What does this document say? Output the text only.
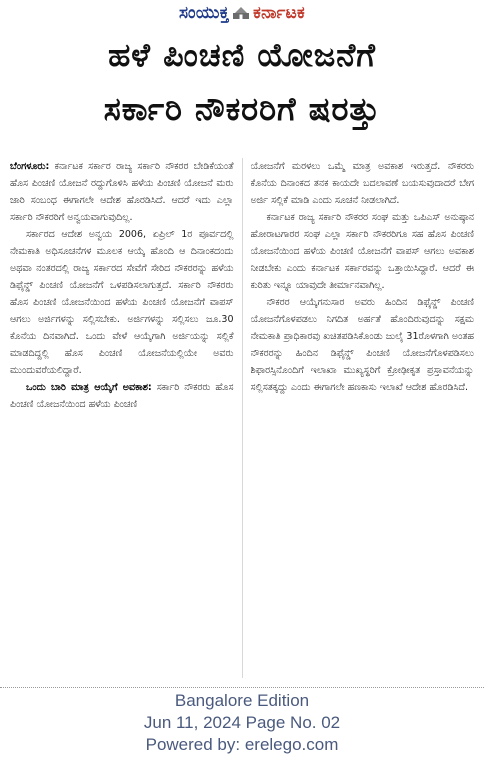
ಸಂಯುಕ್ತ ಕರ್ನಾಟಕ
ಹಳೆ ಪಿಂಚಣಿ ಯೋಜನೆಗೆ
ಸರ್ಕಾರಿ ನೌಕರರಿಗೆ ಷರತ್ತು

ಬೆಂಗಳೂರು: ಕರ್ನಾಟಕ ಸರ್ಕಾರ ರಾಜ್ಯ ಸರ್ಕಾರಿ ನೌಕರರ ಬೇಡಿಕೆಯಂತೆ ಹೊಸ ಪಿಂಚಣಿ ಯೋಜನೆ ರದ್ದುಗೊಳಿಸಿ ಹಳೆಯ ಪಿಂಚಣಿ ಯೋಜನೆ ಮರು ಜಾರಿ ಸಂಬಂಧ ಈಗಾಗಲೇ ಆದೇಶ ಹೊರಡಿಸಿದೆ. ಆದರೆ ಇದು ಎಲ್ಲಾ ಸರ್ಕಾರಿ ನೌಕರರಿಗೆ ಅನ್ವಯವಾಗುವುದಿಲ್ಲ.

ಸರ್ಕಾರದ ಆದೇಶ ಅನ್ವಯ 2006, ಏಪ್ರಿಲ್ 1ರ ಪೂರ್ವದಲ್ಲಿ ನೇಮಕಾತಿ ಅಧಿಸೂಚನೆಗಳ ಮೂಲಕ ಆಯ್ಕೆ ಹೊಂದಿ ಆ ದಿನಾಂಕದಂದು ಅಥವಾ ನಂತರದಲ್ಲಿ ರಾಜ್ಯ ಸರ್ಕಾರದ ಸೇವೆಗೆ ಸೇರಿದ ನೌಕರರನ್ನು ಹಳೆಯ ಡಿಫೈನ್ಡ್ ಪಿಂಚಣಿ ಯೋಜನೆಗೆ ಒಳಪಡಿಸಲಾಗುತ್ತದೆ. ಸರ್ಕಾರಿ ನೌಕರರು ಹೊಸ ಪಿಂಚಣಿ ಯೋಜನೆಯಿಂದ ಹಳೆಯ ಪಿಂಚಣಿ ಯೋಜನೆಗೆ ವಾಪಸ್ ಆಗಲು ಅರ್ಜಿಗಳನ್ನು ಸಲ್ಲಿಸಬೇಕು. ಅರ್ಜಿಗಳನ್ನು ಸಲ್ಲಿಸಲು ಜೂ.30 ಕೊನೆಯ ದಿನವಾಗಿದೆ. ಒಂದು ವೇಳೆ ಆಯ್ಕೆಗಾಗಿ ಅರ್ಜಿಯನ್ನು ಸಲ್ಲಿಕೆ ಮಾಡದಿದ್ದಲ್ಲಿ ಹೊಸ ಪಿಂಚಣಿ ಯೋಜನೆಯಲ್ಲಿಯೇ ಅವರು ಮುಂದುವರೆಯಲಿದ್ದಾರೆ.

ಒಂದು ಬಾರಿ ಮಾತ್ರ ಆಯ್ಕೆಗೆ ಅವಕಾಶ: ಸರ್ಕಾರಿ ನೌಕರರು ಹೊಸ ಪಿಂಚಣಿ ಯೋಜನೆಯಿಂದ ಹಳೆಯ ಪಿಂಚಣಿ

ಯೋಜನೆಗೆ ಮರಳಲು ಒಮ್ಮೆ ಮಾತ್ರ ಅವಕಾಶ ಇರುತ್ತದೆ. ನೌಕರರು ಕೊನೆಯ ದಿನಾಂಕದ ತನಕ ಕಾಯದೇ ಬದಲಾವಣೆ ಬಯಸುವುದಾದರೆ ಬೇಗ ಅರ್ಜಿ ಸಲ್ಲಿಕೆ ಮಾಡಿ ಎಂದು ಸೂಚನೆ ನೀಡಲಾಗಿದೆ.

ಕರ್ನಾಟಕ ರಾಜ್ಯ ಸರ್ಕಾರಿ ನೌಕರರ ಸಂಘ ಮತ್ತು ಒಪಿಎಸ್ ಅನುಷ್ಠಾನ ಹೋರಾಟಗಾರರ ಸಂಘ ಎಲ್ಲಾ ಸರ್ಕಾರಿ ನೌಕರರಿಗೂ ಸಹ ಹೊಸ ಪಿಂಚಣಿ ಯೋಜನೆಯಿಂದ ಹಳೆಯ ಪಿಂಚಣಿ ಯೋಜನೆಗೆ ವಾಪಸ್ ಆಗಲು ಅವಕಾಶ ನೀಡಬೇಕು ಎಂದು ಕರ್ನಾಟಕ ಸರ್ಕಾರವನ್ನು ಒತ್ತಾಯಿಸಿದ್ದಾರೆ. ಆದರೆ ಈ ಕುರಿತು ಇನ್ನೂ ಯಾವುದೇ ತೀರ್ಮಾನವಾಗಿಲ್ಲ.

ನೌಕರರ ಆಯ್ಕೆಗನುಸಾರ ಅವರು ಹಿಂದಿನ ಡಿಫೈನ್ಡ್ ಪಿಂಚಣಿ ಯೋಜನೆಗೊಳಪಡಲು ನಿಗದಿತ ಅರ್ಹತೆ ಹೊಂದಿರುವುದನ್ನು ಸಕ್ಷಮ ನೇಮಕಾತಿ ಪ್ರಾಧಿಕಾರವು ಖಚಿತಪಡಿಸಿಕೊಂಡು ಜುಲೈ 31ರೊಳಗಾಗಿ ಅಂತಹ ನೌಕರರನ್ನು ಹಿಂದಿನ ಡಿಫೈನ್ಡ್ ಪಿಂಚಣಿ ಯೋಜನೆಗೊಳಪಡಿಸಲು ಶಿಫಾರಸ್ಸಿನೊಂದಿಗೆ ಇಲಾಖಾ ಮುಖ್ಯಸ್ಥರಿಗೆ ಕ್ರೋಢೀಕೃತ ಪ್ರಸ್ತಾವನೆಯನ್ನು ಸಲ್ಲಿಸತಕ್ಕದ್ದು ಎಂದು ಈಗಾಗಲೇ ಹಣಕಾಸು ಇಲಾಖೆ ಆದೇಶ ಹೊರಡಿಸಿದೆ.

Bangalore Edition
Jun 11, 2024 Page No. 02
Powered by: erelego.com
